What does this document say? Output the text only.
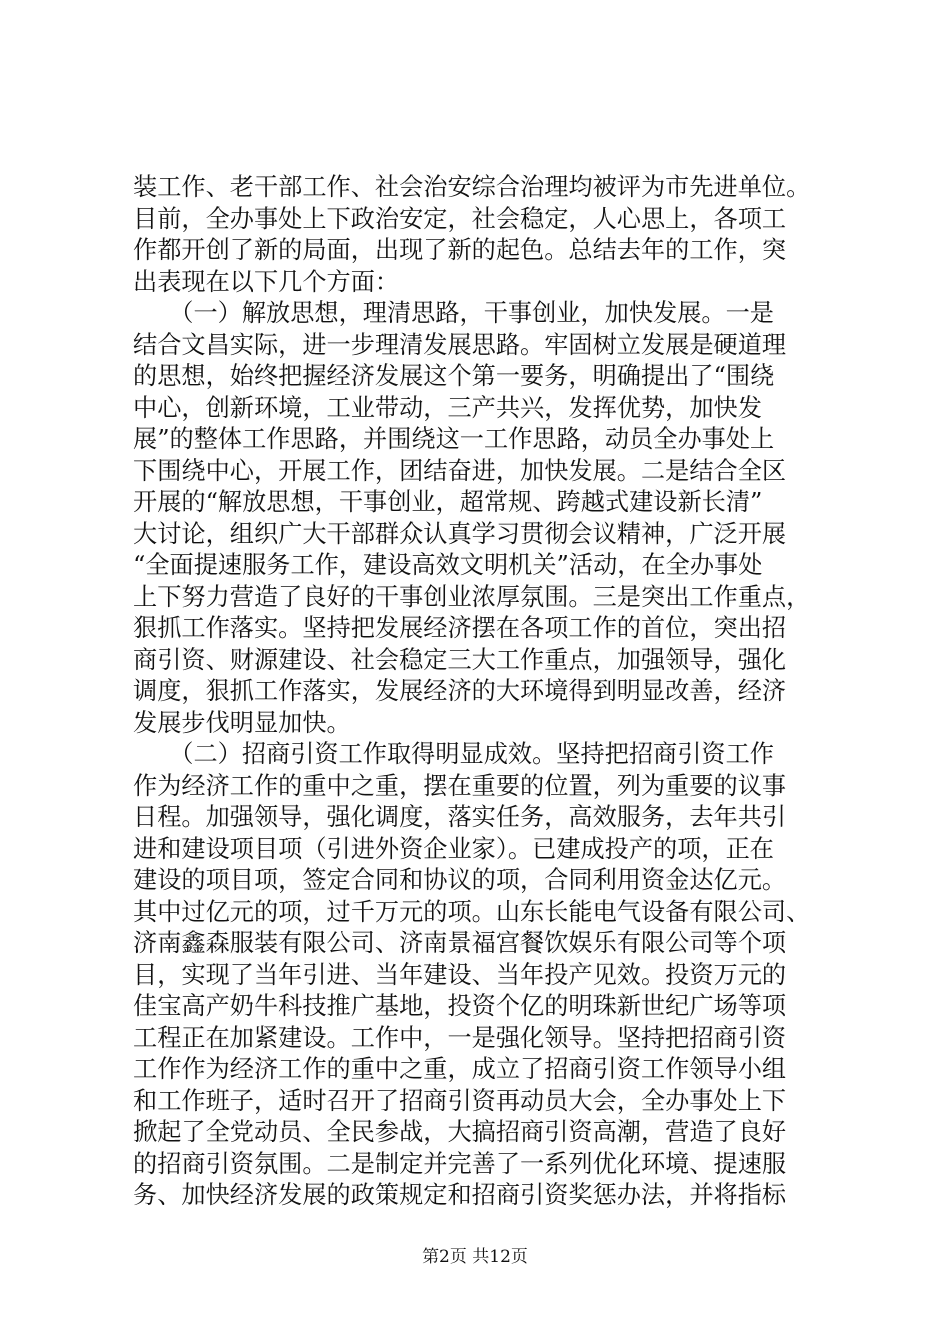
装工作、老干部工作、社会治安综合治理均被评为市先进单位。
目前，全办事处上下政治安定，社会稳定，人心思上，各项工
作都开创了新的局面，出现了新的起色。总结去年的工作，突
出表现在以下几个方面：
　　（一）解放思想，理清思路，干事创业，加快发展。一是
结合文昌实际，进一步理清发展思路。牢固树立发展是硬道理
的思想，始终把握经济发展这个第一要务，明确提出了“围绕
中心，创新环境，工业带动，三产共兴，发挥优势，加快发
展”的整体工作思路，并围绕这一工作思路，动员全办事处上
下围绕中心，开展工作，团结奋进，加快发展。二是结合全区
开展的“解放思想，干事创业，超常规、跨越式建设新长清”
大讨论，组织广大干部群众认真学习贯彻会议精神，广泛开展
“全面提速服务工作，建设高效文明机关”活动，在全办事处
上下努力营造了良好的干事创业浓厚氛围。三是突出工作重点，
狠抓工作落实。坚持把发展经济摆在各项工作的首位，突出招
商引资、财源建设、社会稳定三大工作重点，加强领导，强化
调度，狠抓工作落实，发展经济的大环境得到明显改善，经济
发展步伐明显加快。
　　（二）招商引资工作取得明显成效。坚持把招商引资工作
作为经济工作的重中之重，摆在重要的位置，列为重要的议事
日程。加强领导，强化调度，落实任务，高效服务，去年共引
进和建设项目项（引进外资企业家）。已建成投产的项，正在
建设的项目项，签定合同和协议的项，合同利用资金达亿元。
其中过亿元的项，过千万元的项。山东长能电气设备有限公司、
济南鑫森服装有限公司、济南景福宫餐饮娱乐有限公司等个项
目，实现了当年引进、当年建设、当年投产见效。投资万元的
佳宝高产奶牛科技推广基地，投资个亿的明珠新世纪广场等项
工程正在加紧建设。工作中，一是强化领导。坚持把招商引资
工作作为经济工作的重中之重，成立了招商引资工作领导小组
和工作班子，适时召开了招商引资再动员大会，全办事处上下
掀起了全党动员、全民参战，大搞招商引资高潮，营造了良好
的招商引资氛围。二是制定并完善了一系列优化环境、提速服
务、加快经济发展的政策规定和招商引资奖惩办法，并将指标
第2页 共12页
